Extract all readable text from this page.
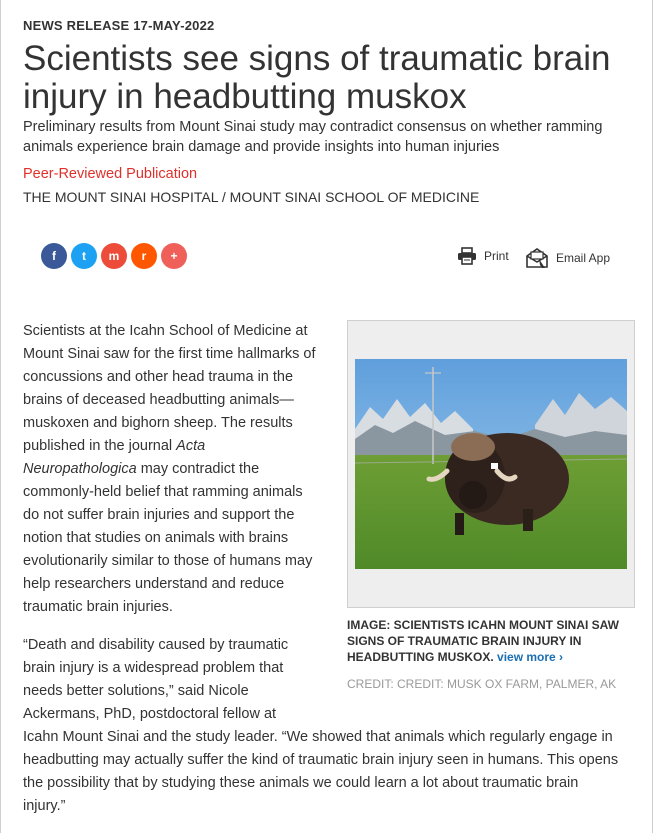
NEWS RELEASE 17-MAY-2022
Scientists see signs of traumatic brain injury in headbutting muskox
Preliminary results from Mount Sinai study may contradict consensus on whether ramming animals experience brain damage and provide insights into human injuries
Peer-Reviewed Publication
THE MOUNT SINAI HOSPITAL / MOUNT SINAI SCHOOL OF MEDICINE
f	t	m	r	+	Print	Email App
Scientists at the Icahn School of Medicine at Mount Sinai saw for the first time hallmarks of concussions and other head trauma in the brains of deceased headbutting animals—muskoxen and bighorn sheep. The results published in the journal Acta Neuropathologica may contradict the commonly-held belief that ramming animals do not suffer brain injuries and support the notion that studies on animals with brains evolutionarily similar to those of humans may help researchers understand and reduce traumatic brain injuries.
“Death and disability caused by traumatic
brain injury is a widespread problem that
needs better solutions,” said Nicole
Ackermans, PhD, postdoctoral fellow at
Icahn Mount Sinai and the study leader. “We showed that animals which regularly engage in
headbutting may actually suffer the kind of traumatic brain injury seen in humans. This opens
the possibility that by studying these animals we could learn a lot about traumatic brain
injury.”
IMAGE: SCIENTISTS ICAHN MOUNT SINAI SAW SIGNS OF TRAUMATIC BRAIN INJURY IN HEADBUTTING MUSKOX. view more ›
CREDIT: CREDIT: MUSK OX FARM, PALMER, AK
